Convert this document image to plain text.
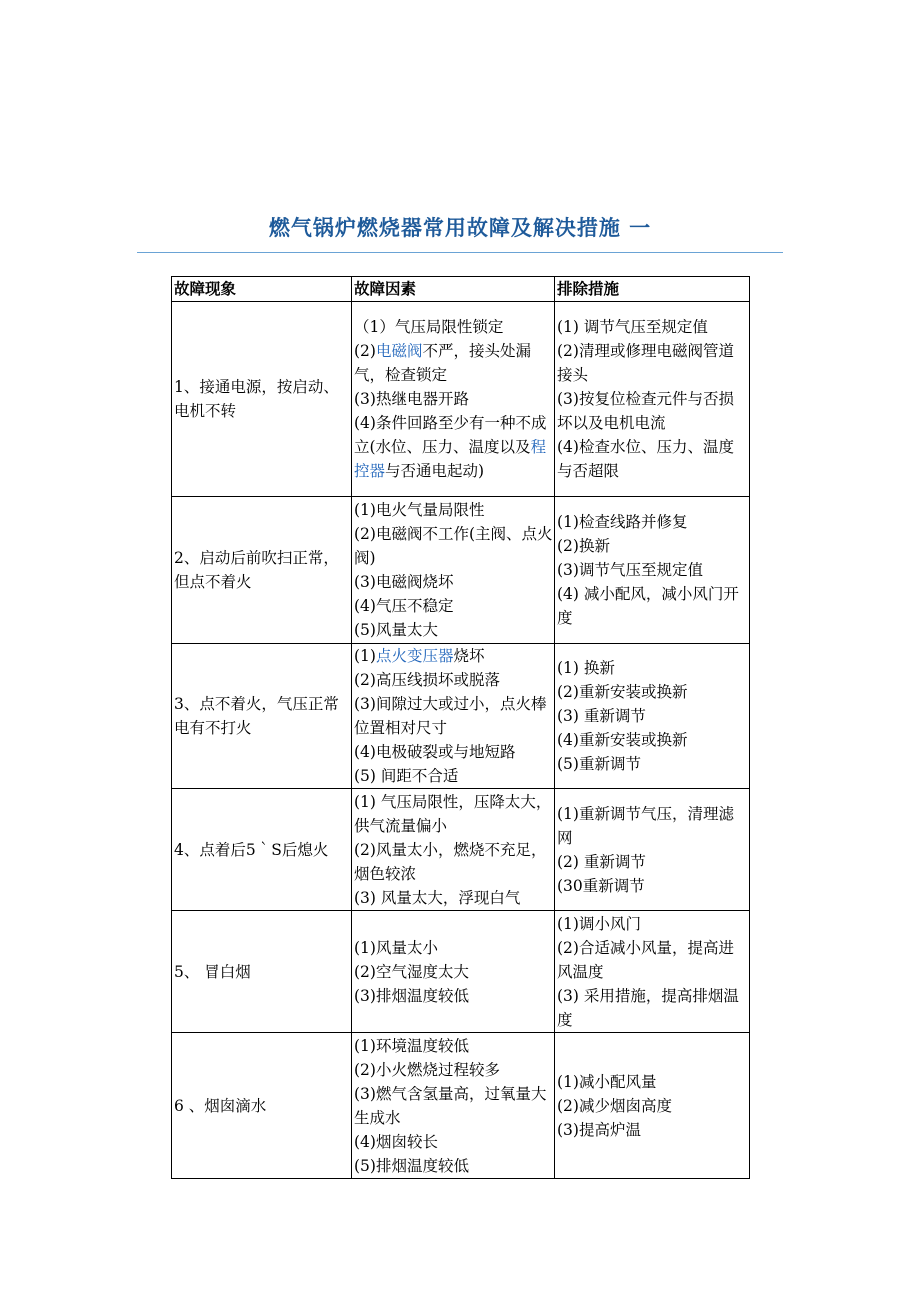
燃气锅炉燃烧器常用故障及解决措施 一
故障现象	故障因素	排除措施
1、接通电源，按启动、电机不转	（1）气压局限性锁定
(2)电磁阀不严，接头处漏气，检查锁定
(3)热继电器开路
(4)条件回路至少有一种不成立(水位、压力、温度以及程控器与否通电起动)	(1) 调节气压至规定值
(2)清理或修理电磁阀管道接头
(3)按复位检查元件与否损坏以及电机电流
(4)检查水位、压力、温度与否超限

2、启动后前吹扫正常，但点不着火	(1)电火气量局限性
(2)电磁阀不工作(主阀、点火阀)
(3)电磁阀烧坏
(4)气压不稳定
(5)风量太大	(1)检查线路并修复
(2)换新
(3)调节气压至规定值
(4) 减小配风，减小风门开度

3、点不着火，气压正常电有不打火	(1)点火变压器烧坏
(2)高压线损坏或脱落
(3)间隙过大或过小，点火棒位置相对尺寸
(4)电极破裂或与地短路
(5) 间距不合适	(1) 换新
(2)重新安装或换新
(3) 重新调节
(4)重新安装或换新
(5)重新调节

4、点着后5｀S后熄火	(1) 气压局限性，压降太大，供气流量偏小
(2)风量太小，燃烧不充足，烟色较浓
(3) 风量太大，浮现白气	(1)重新调节气压，清理滤网
(2) 重新调节
(30重新调节

5、 冒白烟	(1)风量太小
(2)空气湿度太大
(3)排烟温度较低	(1)调小风门
(2)合适减小风量，提高进风温度
(3) 采用措施，提高排烟温度

6 、烟囱滴水	(1)环境温度较低
(2)小火燃烧过程较多
(3)燃气含氢量高，过氧量大生成水
(4)烟囱较长
(5)排烟温度较低	(1)减小配风量
(2)减少烟囱高度
(3)提高炉温
